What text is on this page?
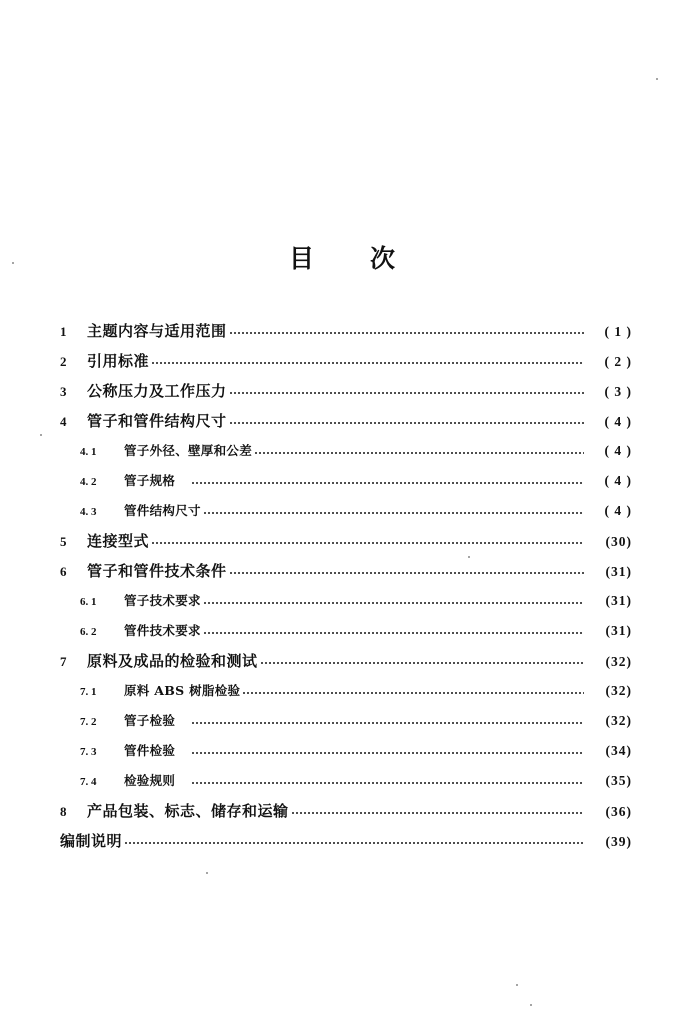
目　　次
1	主题内容与适用范围	( 1 )
2	引用标准	( 2 )
3	公称压力及工作压力	( 3 )
4	管子和管件结构尺寸	( 4 )
4. 1	管子外径、壁厚和公差	( 4 )
4. 2	管子规格	( 4 )
4. 3	管件结构尺寸	( 4 )
5	连接型式	(30)
6	管子和管件技术条件	(31)
6. 1	管子技术要求	(31)
6. 2	管件技术要求	(31)
7	原料及成品的检验和测试	(32)
7. 1	原料 ABS 树脂检验	(32)
7. 2	管子检验	(32)
7. 3	管件检验	(34)
7. 4	检验规则	(35)
8	产品包装、标志、储存和运输	(36)
编制说明	(39)
